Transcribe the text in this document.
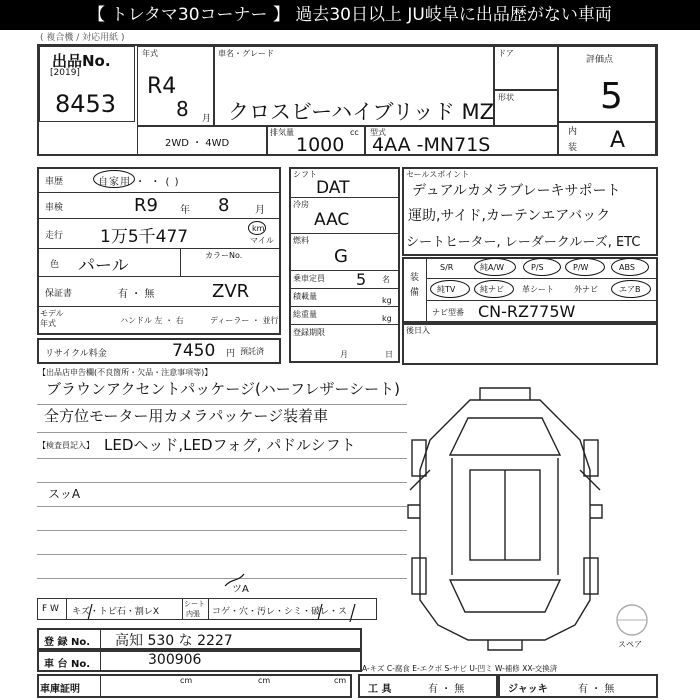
【 トレタマ30コーナー 】 過去30日以上 JU岐阜に出品歴がない車両
( 複合機 / 対応用紙 )
出品No.
[2019]
8453
年式
R4
8 月
車名・グレード
クロスビーハイブリッド MZ
ドア
形状
評価点
5
2WD ・ 4WD
排気量	cc
1000
型式
4AA -MN71S
内
装 A
車歴	自家用 ・ ・ ( )
車検	R9 年 8	月
走行 1万5千477	km
マイル
色 パール
カラーNo.
保証書	有 ・ 無	ZVR
モデル
年式	ハンドル 左 ・ 右	ディーラー ・ 並行
リサイクル料金	7450 円 預託済
シフト
DAT
冷房
AAC
燃料
G
乗車定員 5 名
積載量	kg
総重量	kg
登録期限
月	日
セールスポイント
デュアルカメラブレーキサポート
運助,サイド,カーテンエアバック
シートヒーター, レーダークルーズ, ETC
装
備
S/R	純A/W	P/S	P/W	ABS
純TV	純ナビ 革シート	外ナビ	エアB
ナビ型番 CN-RZ775W
後日入
【出品店申告欄(不良箇所・欠品・注意事項等)】
ブラウンアクセントパッケージ(ハーフレザーシート)
全方位モーター用カメラパッケージ装着車
【検査員記入】 LEDヘッド,LEDフォグ, パドルシフト
スッA
スペア
F W キズ・トビ石・割レX
シート
内張 コゲ・穴・汚レ・シミ・破レ・ス
ツA
登 録 No. 高知 530 な 2227
車 台 No.	300906
A-キズ C-腐食 E-エクボ S-サビ U-凹ミ W-補修 XX-交換済
車庫証明
cm	cm	cm
工 具	有 ・ 無	ジャッキ	有 ・ 無
